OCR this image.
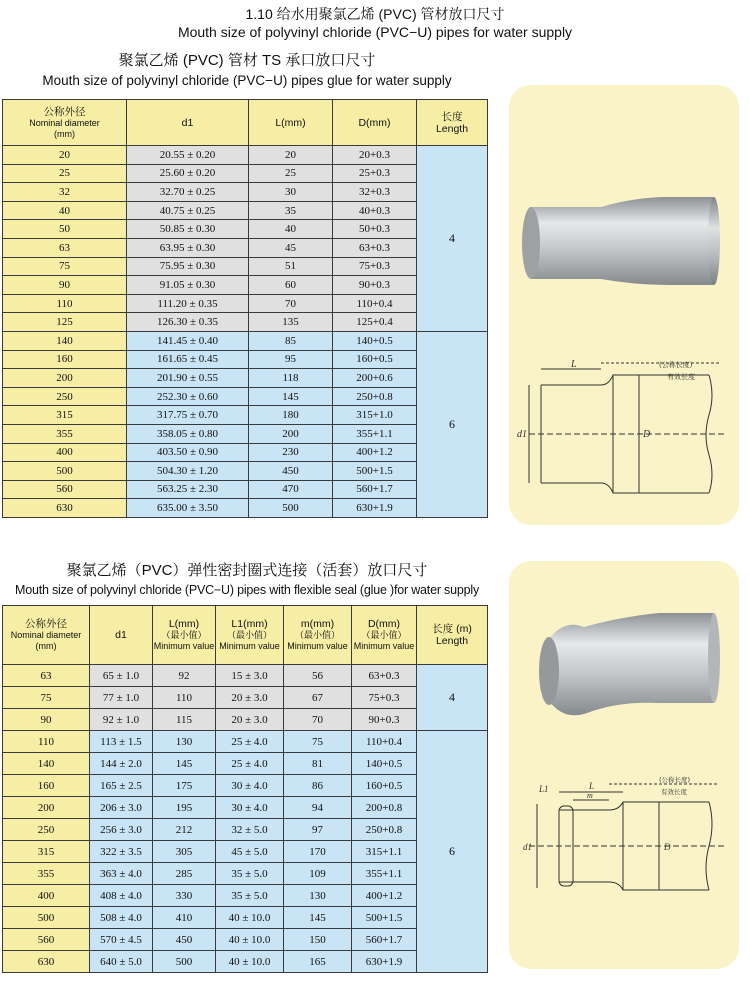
1.10 给水用聚氯乙烯 (PVC) 管材放口尺寸
Mouth size of polyvinyl chloride (PVC−U) pipes for water supply
聚氯乙烯 (PVC) 管材 TS 承口放口尺寸
Mouth size of polyvinyl chloride (PVC−U) pipes glue for water supply
公称外径
Nominal diameter
(mm)	d1	L(mm)	D(mm)	长度
Length
20	20.55 ± 0.20	20	20+0.3	4
25	25.60 ± 0.20	25	25+0.3	
32	32.70 ± 0.25	30	32+0.3	
40	40.75 ± 0.25	35	40+0.3	
50	50.85 ± 0.30	40	50+0.3	
63	63.95 ± 0.30	45	63+0.3	
75	75.95 ± 0.30	51	75+0.3	
90	91.05 ± 0.30	60	90+0.3	
110	111.20 ± 0.35	70	110+0.4	
125	126.30 ± 0.35	135	125+0.4	
140	141.45 ± 0.40	85	140+0.5	6
160	161.65 ± 0.45	95	160+0.5	
200	201.90 ± 0.55	118	200+0.6	
250	252.30 ± 0.60	145	250+0.8	
315	317.75 ± 0.70	180	315+1.0	
355	358.05 ± 0.80	200	355+1.1	
400	403.50 ± 0.90	230	400+1.2	
500	504.30 ± 1.20	450	500+1.5	
560	563.25 ± 2.30	470	560+1.7	
630	635.00 ± 3.50	500	630+1.9	
L
d1	D
(公称长度)
有效长度
聚氯乙烯（PVC）弹性密封圈式连接（活套）放口尺寸
Mouth size of polyvinyl chloride (PVC−U) pipes with flexible seal (glue )for water supply
公称外径
Nominal diameter
(mm)	d1	L(mm)
（最小值）
Minimum value	L1(mm)
（最小值）
Minimum value	m(mm)
（最小值）
Minimum value	D(mm)
（最小值）
Minimum value	长度 (m)
Length
63	65 ± 1.0	92	15 ± 3.0	56	63+0.3	4
75	77 ± 1.0	110	20 ± 3.0	67	75+0.3	
90	92 ± 1.0	115	20 ± 3.0	70	90+0.3	
110	113 ± 1.5	130	25 ± 4.0	75	110+0.4	6
140	144 ± 2.0	145	25 ± 4.0	81	140+0.5	
160	165 ± 2.5	175	30 ± 4.0	86	160+0.5	
200	206 ± 3.0	195	30 ± 4.0	94	200+0.8	
250	256 ± 3.0	212	32 ± 5.0	97	250+0.8	
315	322 ± 3.5	305	45 ± 5.0	170	315+1.1	
355	363 ± 4.0	285	35 ± 5.0	109	355+1.1	
400	408 ± 4.0	330	35 ± 5.0	130	400+1.2	
500	508 ± 4.0	410	40 ± 10.0	145	500+1.5	
560	570 ± 4.5	450	40 ± 10.0	150	560+1.7	
630	640 ± 5.0	500	40 ± 10.0	165	630+1.9	
L1	L
m
d1	D
(公称长度)
有效长度
